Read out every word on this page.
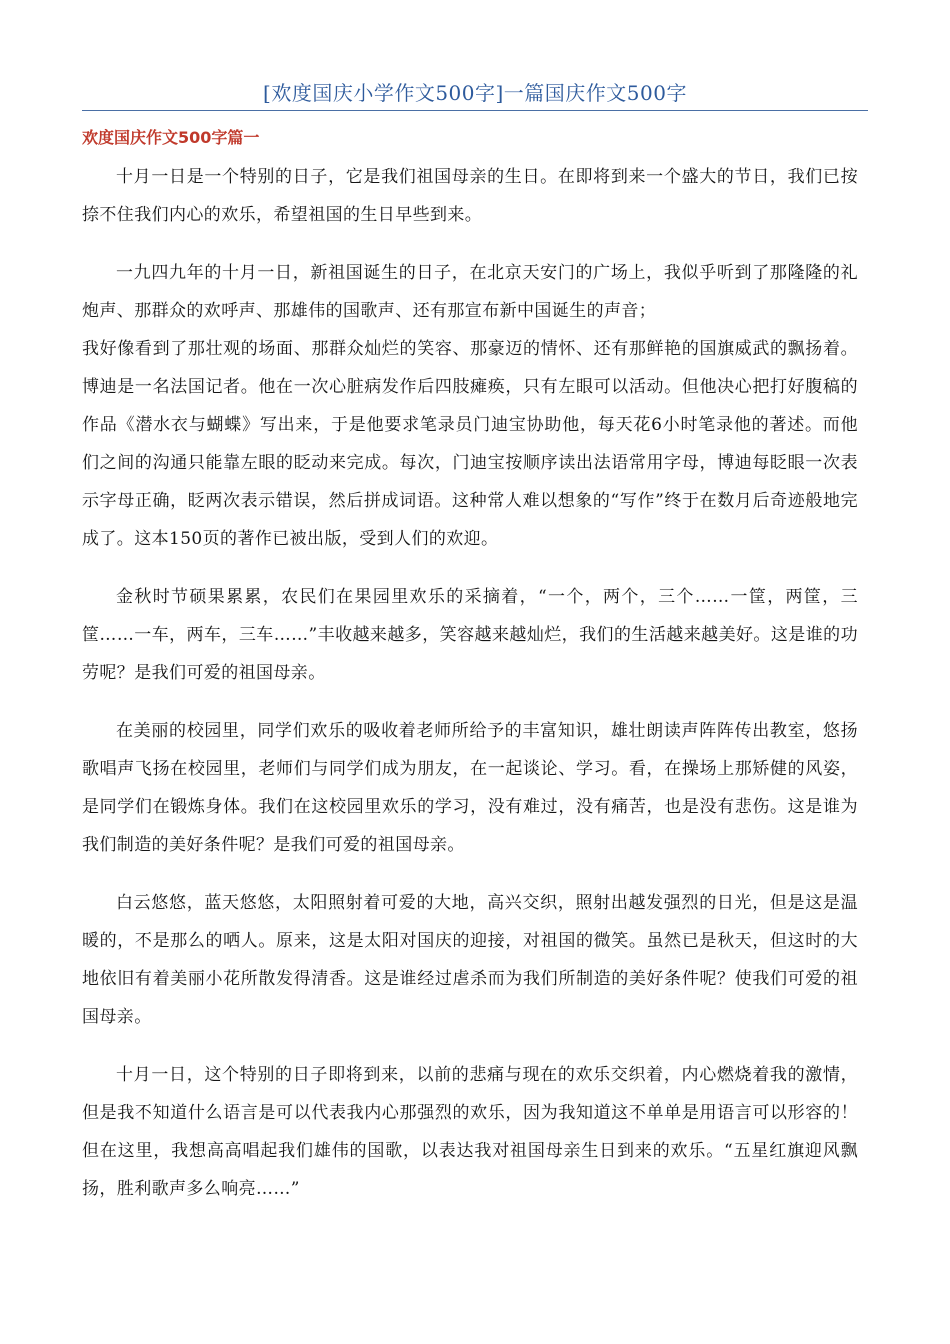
[欢度国庆小学作文500字]一篇国庆作文500字
欢度国庆作文500字篇一

十月一日是一个特别的日子，它是我们祖国母亲的生日。在即将到来一个盛大的节日，我们已按捺不住我们内心的欢乐，希望祖国的生日早些到来。

一九四九年的十月一日，新祖国诞生的日子，在北京天安门的广场上，我似乎听到了那隆隆的礼炮声、那群众的欢呼声、那雄伟的国歌声、还有那宣布新中国诞生的声音；

我好像看到了那壮观的场面、那群众灿烂的笑容、那豪迈的情怀、还有那鲜艳的国旗威武的飘扬着。博迪是一名法国记者。他在一次心脏病发作后四肢瘫痪，只有左眼可以活动。但他决心把打好腹稿的作品《潜水衣与蝴蝶》写出来，于是他要求笔录员门迪宝协助他，每天花6小时笔录他的著述。而他们之间的沟通只能靠左眼的眨动来完成。每次，门迪宝按顺序读出法语常用字母，博迪每眨眼一次表示字母正确，眨两次表示错误，然后拼成词语。这种常人难以想象的“写作”终于在数月后奇迹般地完成了。这本150页的著作已被出版，受到人们的欢迎。

金秋时节硕果累累，农民们在果园里欢乐的采摘着，“一个，两个，三个……一筐，两筐，三筐……一车，两车，三车……”丰收越来越多，笑容越来越灿烂，我们的生活越来越美好。这是谁的功劳呢？是我们可爱的祖国母亲。

在美丽的校园里，同学们欢乐的吸收着老师所给予的丰富知识，雄壮朗读声阵阵传出教室，悠扬歌唱声飞扬在校园里，老师们与同学们成为朋友，在一起谈论、学习。看，在操场上那矫健的风姿，是同学们在锻炼身体。我们在这校园里欢乐的学习，没有难过，没有痛苦，也是没有悲伤。这是谁为我们制造的美好条件呢？是我们可爱的祖国母亲。

白云悠悠，蓝天悠悠，太阳照射着可爱的大地，高兴交织，照射出越发强烈的日光，但是这是温暖的，不是那么的哂人。原来，这是太阳对国庆的迎接，对祖国的微笑。虽然已是秋天，但这时的大地依旧有着美丽小花所散发得清香。这是谁经过虐杀而为我们所制造的美好条件呢？使我们可爱的祖国母亲。

十月一日，这个特别的日子即将到来，以前的悲痛与现在的欢乐交织着，内心燃烧着我的激情，但是我不知道什么语言是可以代表我内心那强烈的欢乐，因为我知道这不单单是用语言可以形容的！但在这里，我想高高唱起我们雄伟的国歌，以表达我对祖国母亲生日到来的欢乐。“五星红旗迎风飘扬，胜利歌声多么响亮……”
